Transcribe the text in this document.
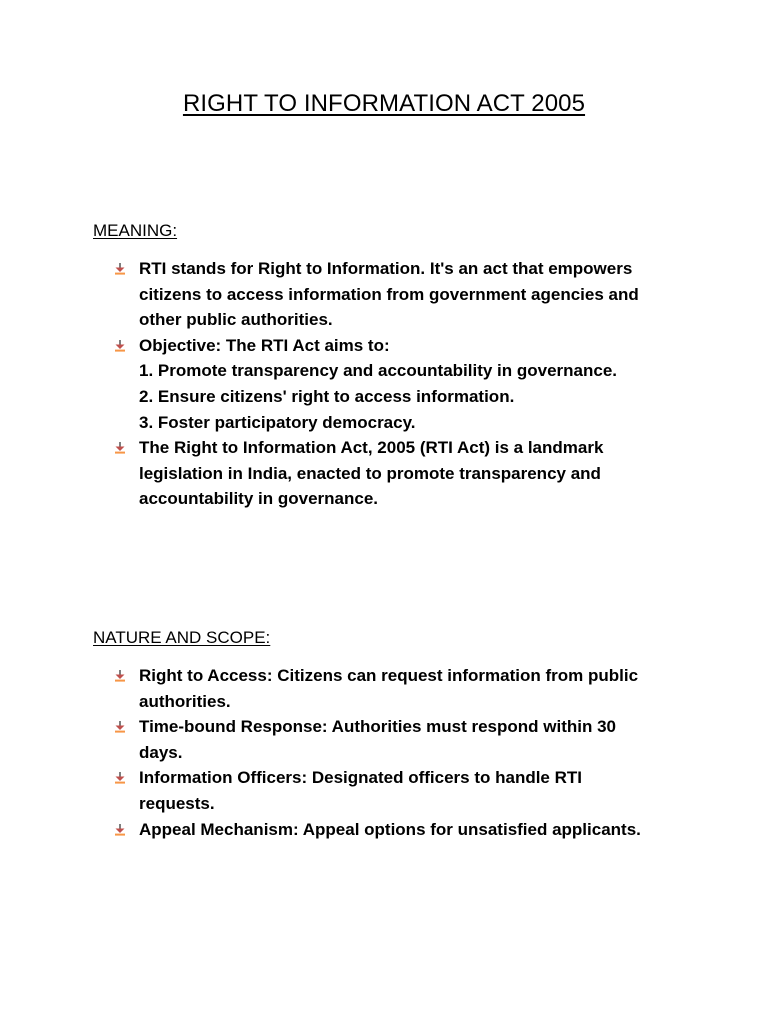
RIGHT TO INFORMATION ACT 2005
MEANING:
RTI stands for Right to Information. It's an act that empowers
citizens to access information from government agencies and
other public authorities.
Objective: The RTI Act aims to:
1. Promote transparency and accountability in governance.
2. Ensure citizens' right to access information.
3. Foster participatory democracy.
The Right to Information Act, 2005 (RTI Act) is a landmark
legislation in India, enacted to promote transparency and
accountability in governance.
NATURE AND SCOPE:
Right to Access: Citizens can request information from public
authorities.
Time-bound Response: Authorities must respond within 30
days.
Information Officers: Designated officers to handle RTI
requests.
Appeal Mechanism: Appeal options for unsatisfied applicants.
